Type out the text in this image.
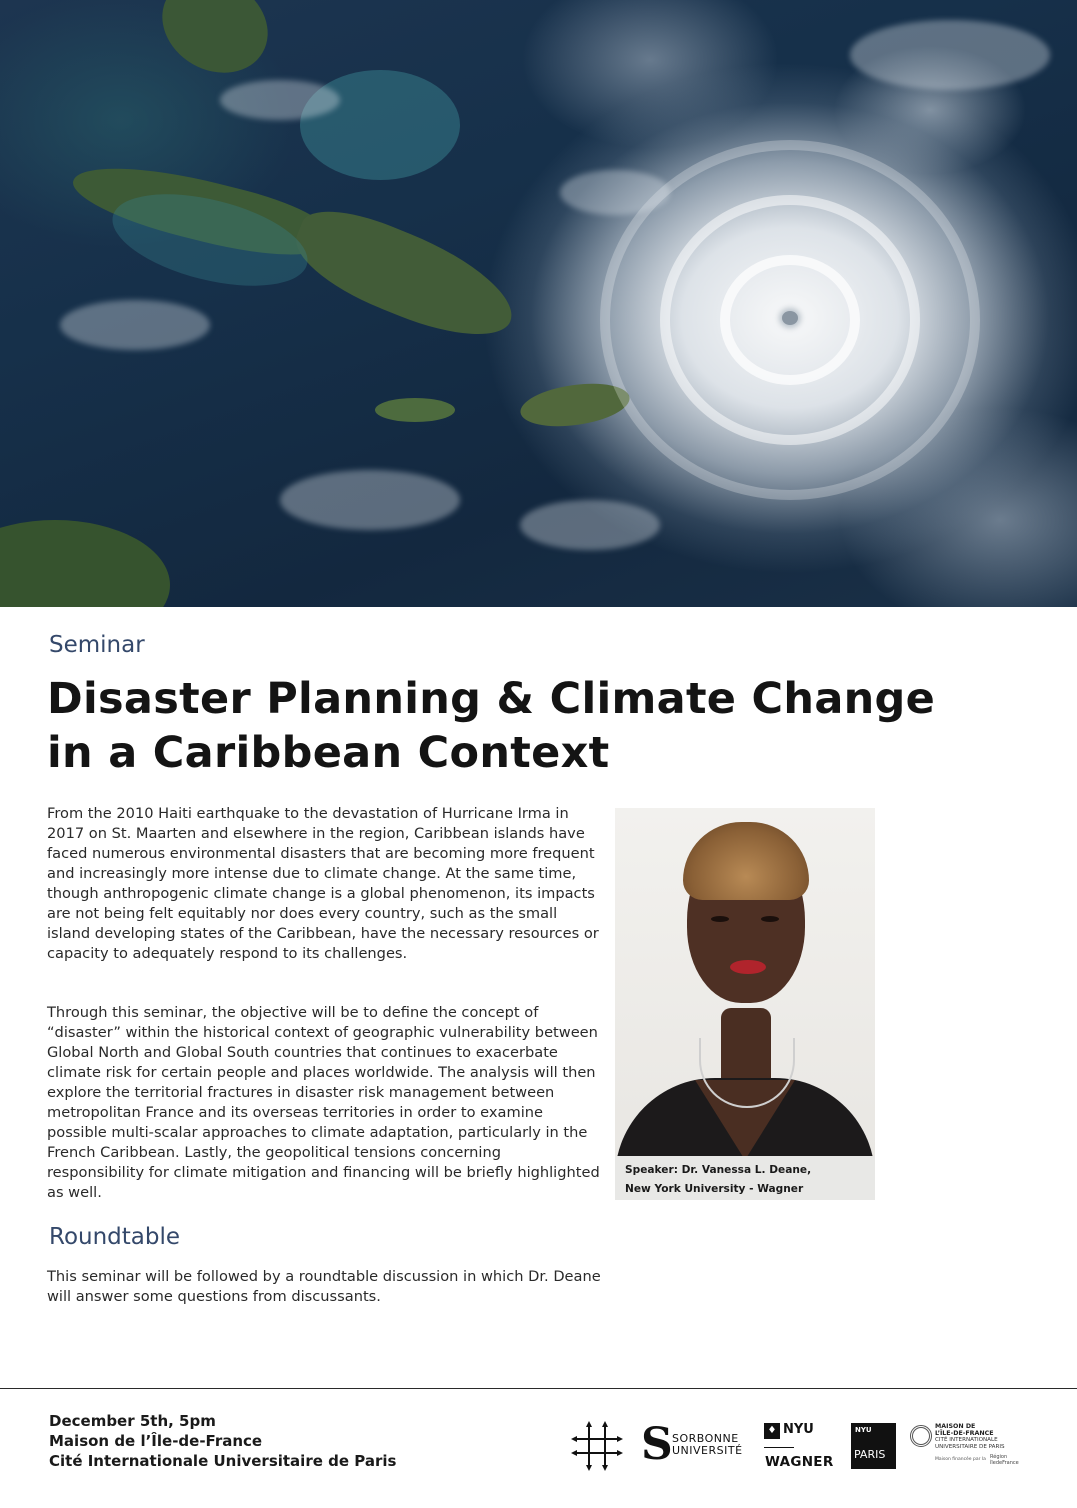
Seminar
Disaster Planning & Climate Change
in a Caribbean Context

From the 2010 Haiti earthquake to the devastation of Hurricane Irma in 2017 on St. Maarten and elsewhere in the region, Caribbean islands have faced numerous environmental disasters that are becoming more frequent and increasingly more intense due to climate change. At the same time, though anthropogenic climate change is a global phenomenon, its impacts are not being felt equitably nor does every country, such as the small island developing states of the Caribbean, have the necessary resources or capacity to adequately respond to its challenges.

Through this seminar, the objective will be to define the concept of “disaster” within the historical context of geographic vulnerability between Global North and Global South countries that continues to exacerbate climate risk for certain people and places worldwide. The analysis will then explore the territorial fractures in disaster risk management between metropolitan France and its overseas territories in order to examine possible multi-scalar approaches to climate adaptation, particularly in the French Caribbean. Lastly, the geopolitical tensions concerning responsibility for climate mitigation and financing will be briefly highlighted as well.

Roundtable

This seminar will be followed by a roundtable discussion in which Dr. Deane will answer some questions from discussants.

Speaker: Dr. Vanessa L. Deane,
New York University - Wagner
December 5th, 5pm
Maison de l’Île-de-France
Cité Internationale Universitaire de Paris	S SORBONNE
UNIVERSITÉ
♦ NYU
WAGNER
NYU
PARIS
MAISON DE
L’ÎLE-DE-FRANCE
CITÉ INTERNATIONALE
UNIVERSITAIRE DE PARIS
Maison financée par la Région
îledeFrance
